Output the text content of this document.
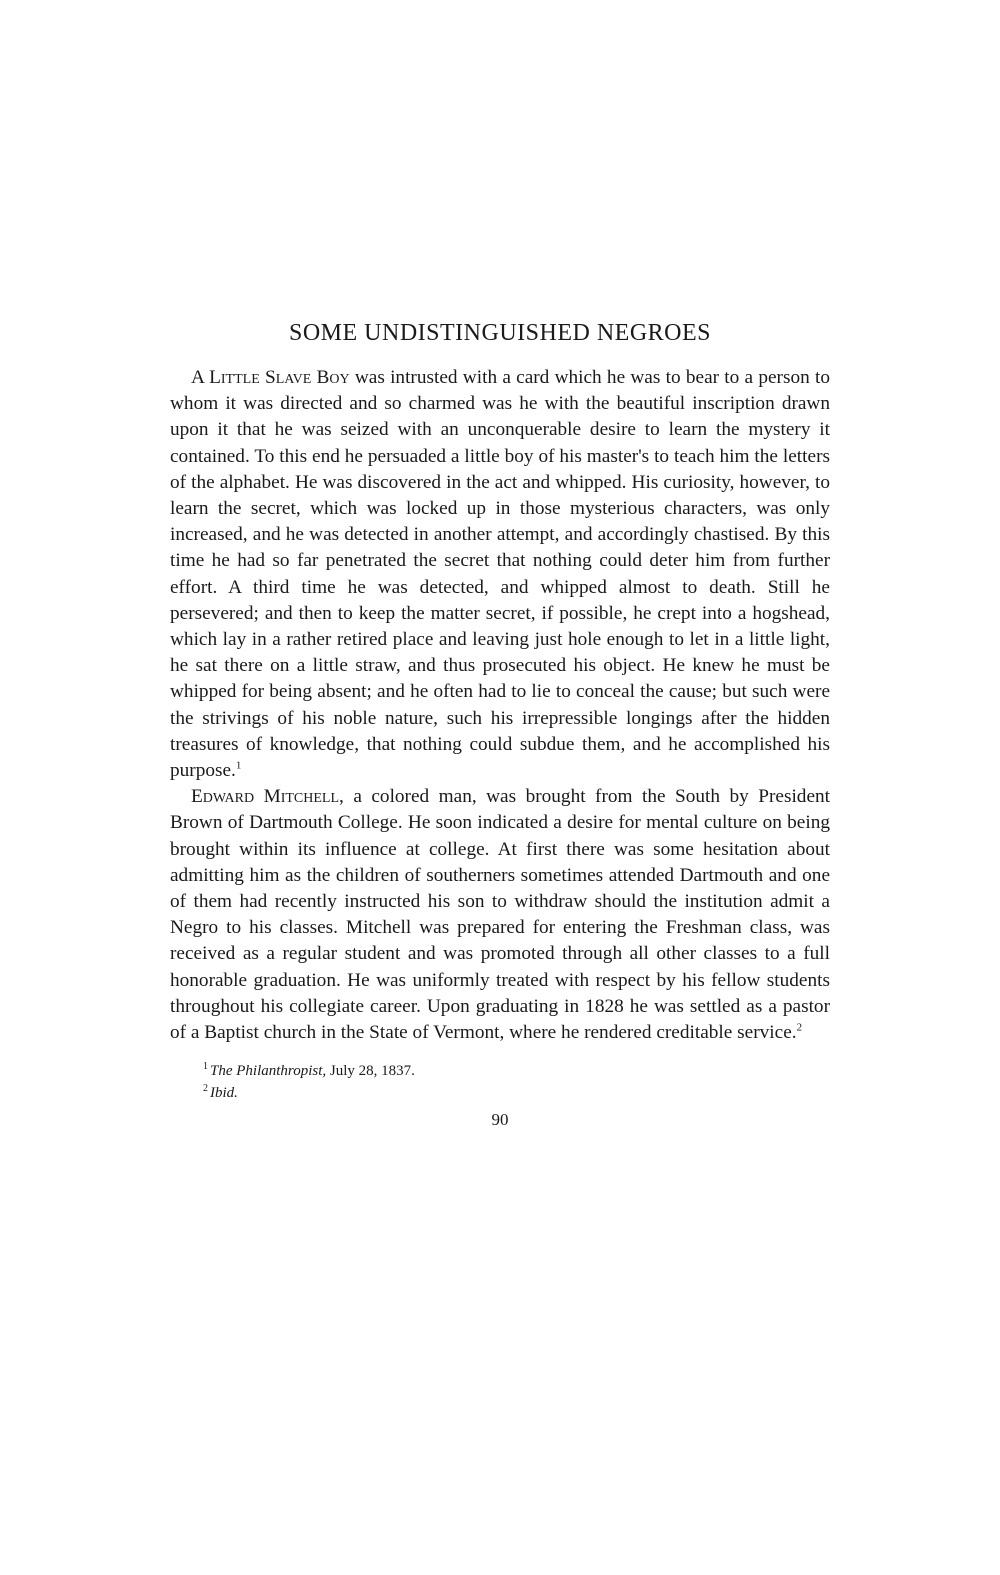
SOME UNDISTINGUISHED NEGROES

A Little Slave Boy was intrusted with a card which he was to bear to a person to whom it was directed and so charmed was he with the beautiful inscription drawn upon it that he was seized with an unconquerable desire to learn the mystery it contained. To this end he persuaded a little boy of his master's to teach him the letters of the alphabet. He was discovered in the act and whipped. His curiosity, however, to learn the secret, which was locked up in those mysterious characters, was only increased, and he was detected in another attempt, and accordingly chastised. By this time he had so far penetrated the secret that nothing could deter him from further effort. A third time he was detected, and whipped almost to death. Still he persevered; and then to keep the matter secret, if possible, he crept into a hogshead, which lay in a rather retired place and leaving just hole enough to let in a little light, he sat there on a little straw, and thus prosecuted his object. He knew he must be whipped for being absent; and he often had to lie to conceal the cause; but such were the strivings of his noble nature, such his irrepressible longings after the hidden treasures of knowledge, that nothing could subdue them, and he accomplished his purpose.$^1$

Edward Mitchell, a colored man, was brought from the South by President Brown of Dartmouth College. He soon indicated a desire for mental culture on being brought within its influence at college. At first there was some hesitation about admitting him as the children of southerners sometimes attended Dartmouth and one of them had recently instructed his son to withdraw should the institution admit a Negro to his classes. Mitchell was prepared for entering the Freshman class, was received as a regular student and was promoted through all other classes to a full honorable graduation. He was uniformly treated with respect by his fellow students throughout his collegiate career. Upon graduating in 1828 he was settled as a pastor of a Baptist church in the State of Vermont, where he rendered creditable service.$^2$

$^1$ The Philanthropist, July 28, 1837.

$^2$ Ibid.

90
